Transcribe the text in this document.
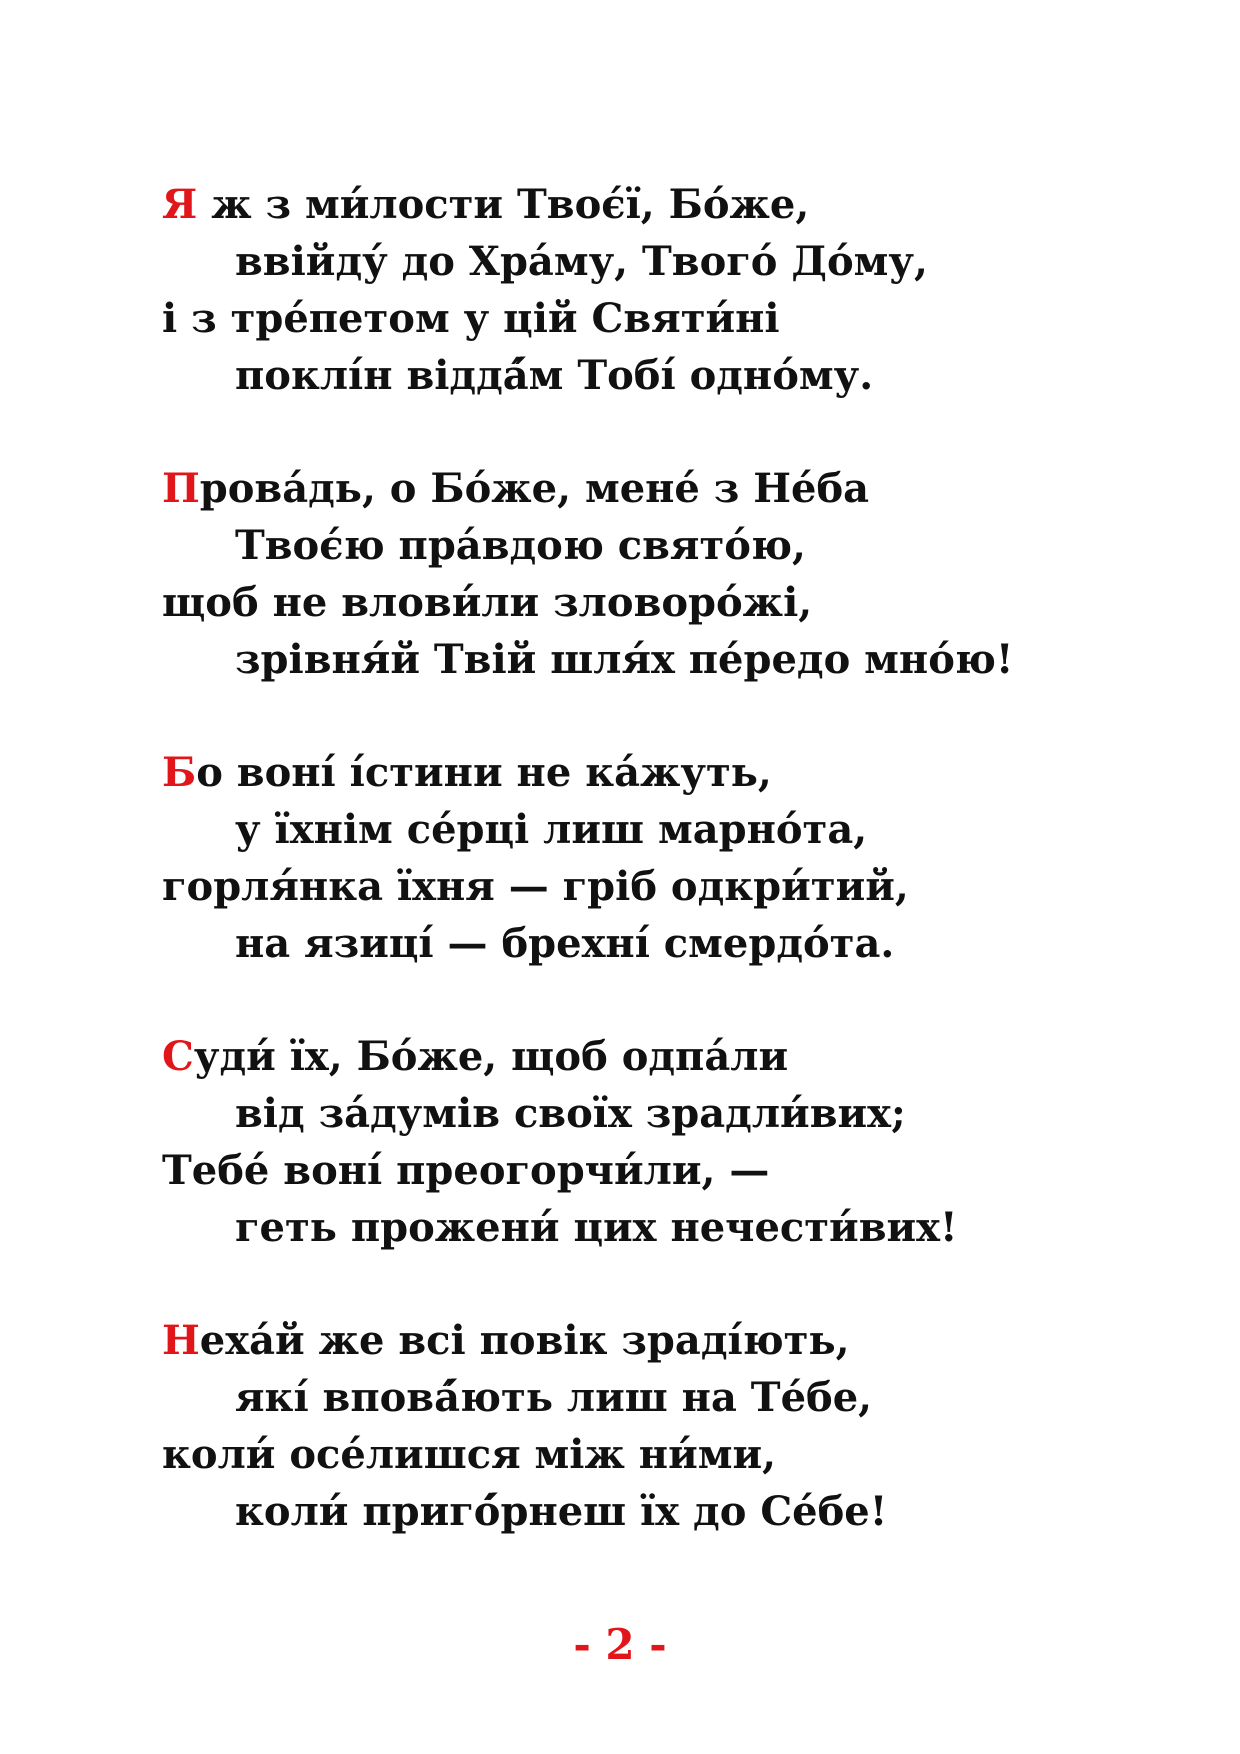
Я ж з ми́лости Твоє́ї, Бо́же,
ввійду́ до Хра́му, Твого́ До́му,
і з тре́петом у цій Святи́ні
поклі́н віддá́м Тобі́ одно́му.
Прова́дь, о Бо́же, мене́ з Не́ба
Твоє́ю пра́вдою свято́ю,
щоб не влови́ли зловоро́жі,
зрівня́й Твій шля́х пе́редо мно́ю!
Бо воні́ і́стини не ка́жуть,
у їхнім се́рці лиш марно́та,
горля́нка їхня — гріб одкри́тий,
на язиці́ — брехні́ смердо́та.
Суди́ їх, Бо́же, щоб одпа́ли
від за́думів своїх зрадли́вих;
Тебе́ воні́ преогорчи́ли, —
геть прожени́ цих нечести́вих!
Неха́й же всі повік зраді́ють,
які́ вповá́ють лиш на Те́бе,
коли́ осе́лишся між ни́ми,
коли́ пригó́рнеш їх до Се́бе!
- 2 -
